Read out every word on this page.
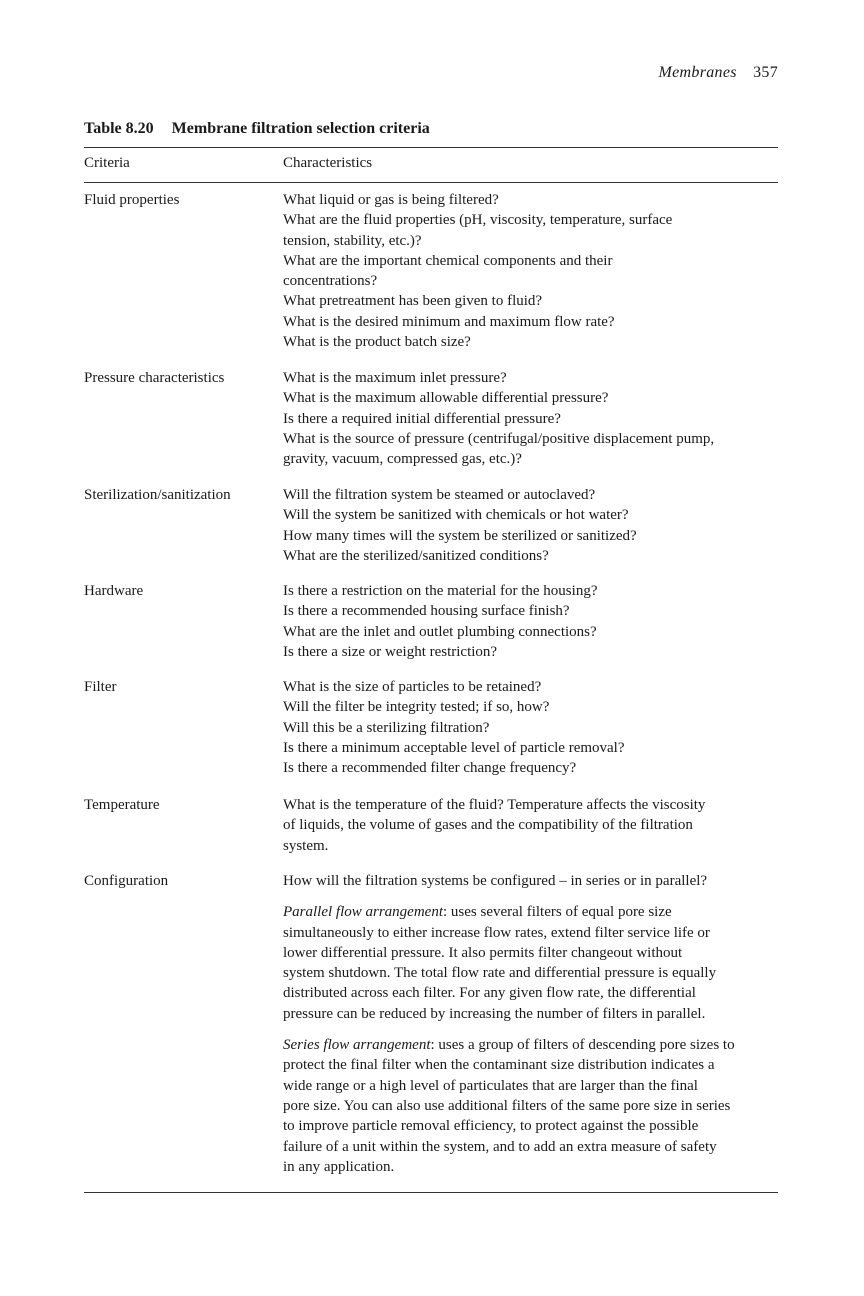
Membranes 357
Table 8.20 Membrane filtration selection criteria
Criteria	Characteristics
Fluid properties	What liquid or gas is being filtered?
What are the fluid properties (pH, viscosity, temperature, surface
tension, stability, etc.)?
What are the important chemical components and their
concentrations?
What pretreatment has been given to fluid?
What is the desired minimum and maximum flow rate?
What is the product batch size?
Pressure characteristics	What is the maximum inlet pressure?
What is the maximum allowable differential pressure?
Is there a required initial differential pressure?
What is the source of pressure (centrifugal/positive displacement pump,
gravity, vacuum, compressed gas, etc.)?
Sterilization/sanitization	Will the filtration system be steamed or autoclaved?
Will the system be sanitized with chemicals or hot water?
How many times will the system be sterilized or sanitized?
What are the sterilized/sanitized conditions?
Hardware	Is there a restriction on the material for the housing?
Is there a recommended housing surface finish?
What are the inlet and outlet plumbing connections?
Is there a size or weight restriction?
Filter	What is the size of particles to be retained?
Will the filter be integrity tested; if so, how?
Will this be a sterilizing filtration?
Is there a minimum acceptable level of particle removal?
Is there a recommended filter change frequency?
Temperature	What is the temperature of the fluid? Temperature affects the viscosity
of liquids, the volume of gases and the compatibility of the filtration
system.
Configuration	How will the filtration systems be configured – in series or in parallel?
Parallel flow arrangement: uses several filters of equal pore size
simultaneously to either increase flow rates, extend filter service life or
lower differential pressure. It also permits filter changeout without
system shutdown. The total flow rate and differential pressure is equally
distributed across each filter. For any given flow rate, the differential
pressure can be reduced by increasing the number of filters in parallel.
Series flow arrangement: uses a group of filters of descending pore sizes to
protect the final filter when the contaminant size distribution indicates a
wide range or a high level of particulates that are larger than the final
pore size. You can also use additional filters of the same pore size in series
to improve particle removal efficiency, to protect against the possible
failure of a unit within the system, and to add an extra measure of safety
in any application.
